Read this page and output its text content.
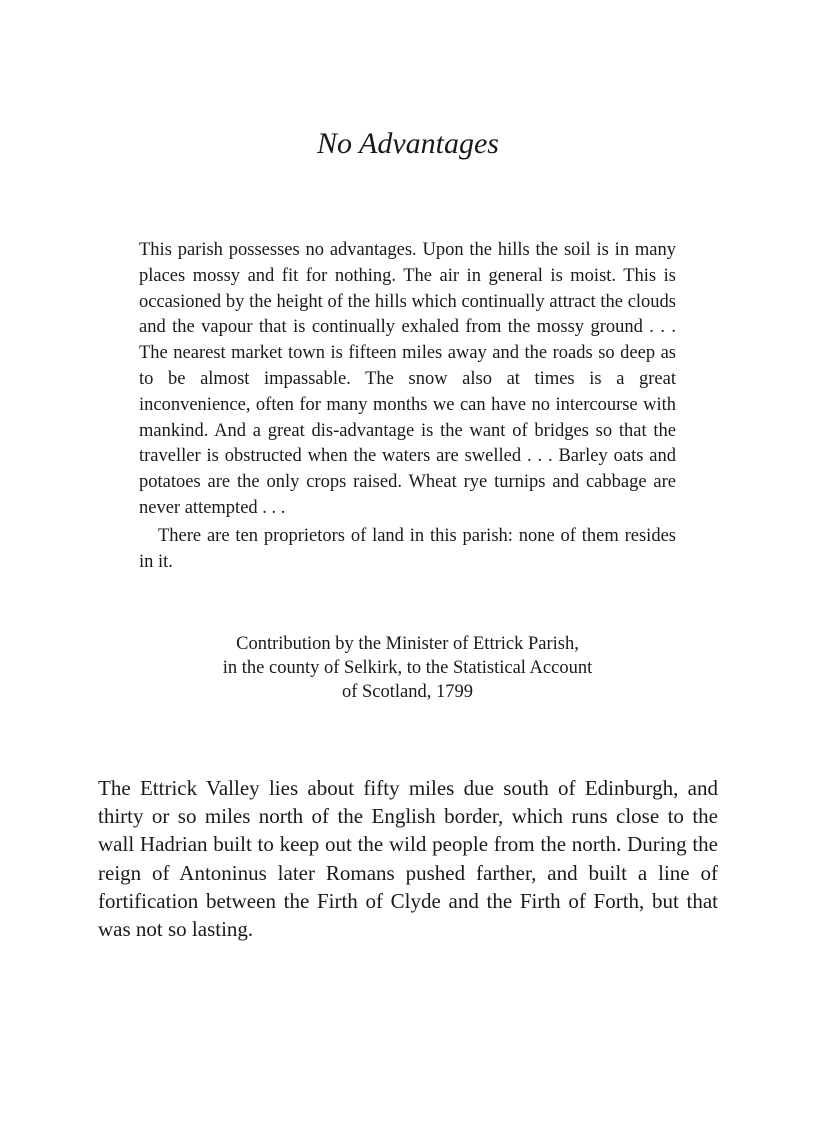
No Advantages

This parish possesses no advantages. Upon the hills the soil is in many places mossy and fit for nothing. The air in general is moist. This is occasioned by the height of the hills which continually attract the clouds and the vapour that is continually exhaled from the mossy ground . . . The nearest market town is fifteen miles away and the roads so deep as to be almost impassable. The snow also at times is a great inconvenience, often for many months we can have no intercourse with mankind. And a great dis-advantage is the want of bridges so that the traveller is obstructed when the waters are swelled . . . Barley oats and potatoes are the only crops raised. Wheat rye turnips and cabbage are never attempted . . .

There are ten proprietors of land in this parish: none of them resides in it.

Contribution by the Minister of Ettrick Parish,
in the county of Selkirk, to the Statistical Account
of Scotland, 1799

The Ettrick Valley lies about fifty miles due south of Edinburgh, and thirty or so miles north of the English border, which runs close to the wall Hadrian built to keep out the wild people from the north. During the reign of Antoninus later Romans pushed farther, and built a line of fortification between the Firth of Clyde and the Firth of Forth, but that was not so lasting.
